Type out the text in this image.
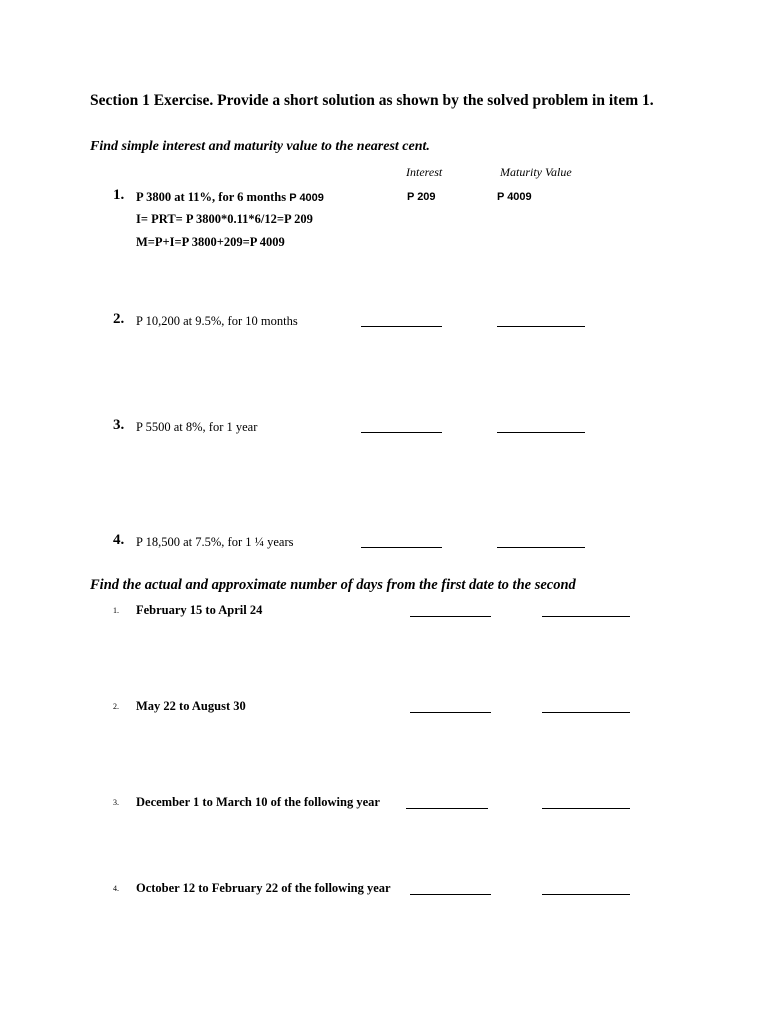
Section 1 Exercise. Provide a short solution as shown by the solved problem in item 1.
Find simple interest and maturity value to the nearest cent.
Interest	Maturity Value
1. P 3800 at 11%, for 6 months P 4009	P 209	P 4009
I= PRT= P 3800*0.11*6/12=P 209
M=P+I=P 3800+209=P 4009
2. P 10,200 at 9.5%, for 10 months
3. P 5500 at 8%, for 1 year
4. P 18,500 at 7.5%, for 1 ¼ years
Find the actual and approximate number of days from the first date to the second
1. February 15 to April 24
2. May 22 to August 30
3. December 1 to March 10 of the following year
4. October 12 to February 22 of the following year
